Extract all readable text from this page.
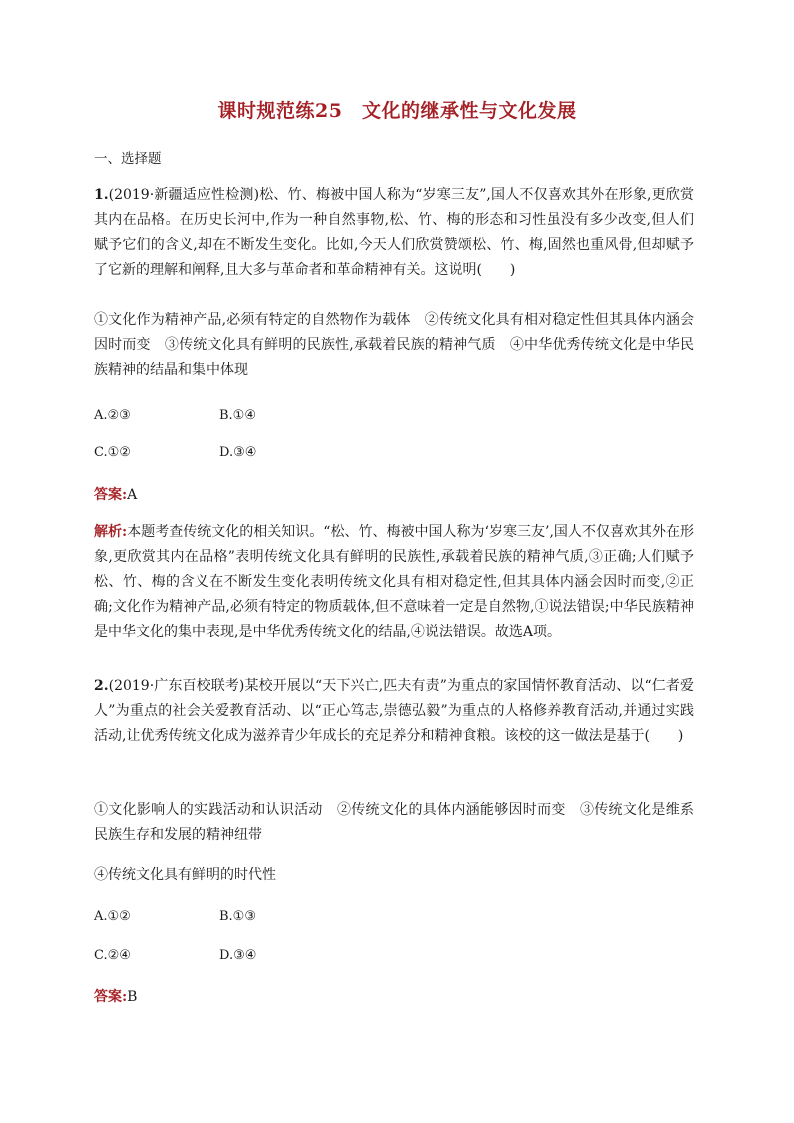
课时规范练25　文化的继承性与文化发展
一、选择题
1.(2019·新疆适应性检测)松、竹、梅被中国人称为“岁寒三友”,国人不仅喜欢其外在形象,更欣赏其内在品格。在历史长河中,作为一种自然事物,松、竹、梅的形态和习性虽没有多少改变,但人们赋予它们的含义,却在不断发生变化。比如,今天人们欣赏赞颂松、竹、梅,固然也重风骨,但却赋予了它新的理解和阐释,且大多与革命者和革命精神有关。这说明(　　)
①文化作为精神产品,必须有特定的自然物作为载体　②传统文化具有相对稳定性但其具体内涵会因时而变　③传统文化具有鲜明的民族性,承载着民族的精神气质　④中华优秀传统文化是中华民族精神的结晶和集中体现
A.②③	B.①④
C.①②	D.③④
答案:A
解析:本题考查传统文化的相关知识。“松、竹、梅被中国人称为‘岁寒三友’,国人不仅喜欢其外在形象,更欣赏其内在品格”表明传统文化具有鲜明的民族性,承载着民族的精神气质,③正确;人们赋予松、竹、梅的含义在不断发生变化表明传统文化具有相对稳定性,但其具体内涵会因时而变,②正确;文化作为精神产品,必须有特定的物质载体,但不意味着一定是自然物,①说法错误;中华民族精神是中华文化的集中表现,是中华优秀传统文化的结晶,④说法错误。故选A项。
2.(2019·广东百校联考)某校开展以“天下兴亡,匹夫有责”为重点的家国情怀教育活动、以“仁者爱人”为重点的社会关爱教育活动、以“正心笃志,崇德弘毅”为重点的人格修养教育活动,并通过实践活动,让优秀传统文化成为滋养青少年成长的充足养分和精神食粮。该校的这一做法是基于(　　)
①文化影响人的实践活动和认识活动　②传统文化的具体内涵能够因时而变　③传统文化是维系民族生存和发展的精神纽带
④传统文化具有鲜明的时代性
A.①②	B.①③
C.②④	D.③④
答案:B
